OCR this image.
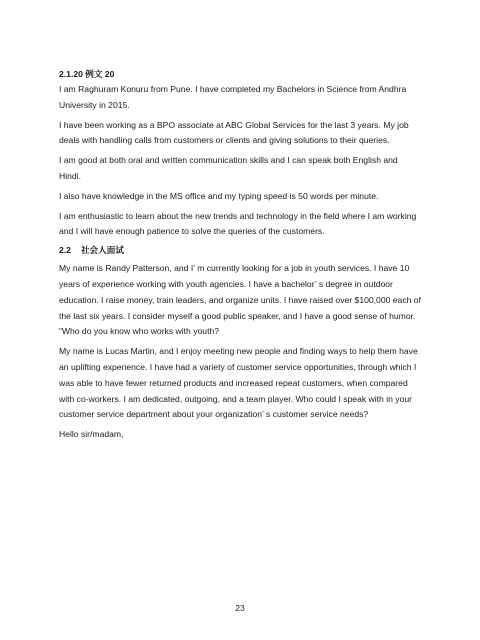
2.1.20 例文 20

I am Raghuram Konuru from Pune. I have completed my Bachelors in Science from Andhra University in 2015.

I have been working as a BPO associate at ABC Global Services for the last 3 years. My job deals with handling calls from customers or clients and giving solutions to their queries.

I am good at both oral and written communication skills and I can speak both English and Hindi.

I also have knowledge in the MS office and my typing speed is 50 words per minute.

I am enthusiastic to learn about the new trends and technology in the field where I am working and I will have enough patience to solve the queries of the customers.

2.2 社会人面试

My name is Randy Patterson, and I’ m currently looking for a job in youth services. I have 10 years of experience working with youth agencies. I have a bachelor’ s degree in outdoor education. I raise money, train leaders, and organize units. I have raised over $100,000 each of the last six years. I consider myself a good public speaker, and I have a good sense of humor. “Who do you know who works with youth?

My name is Lucas Martin, and I enjoy meeting new people and finding ways to help them have an uplifting experience. I have had a variety of customer service opportunities, through which I was able to have fewer returned products and increased repeat customers, when compared with co-workers. I am dedicated, outgoing, and a team player. Who could I speak with in your customer service department about your organization’ s customer service needs?

Hello sir/madam,

23
